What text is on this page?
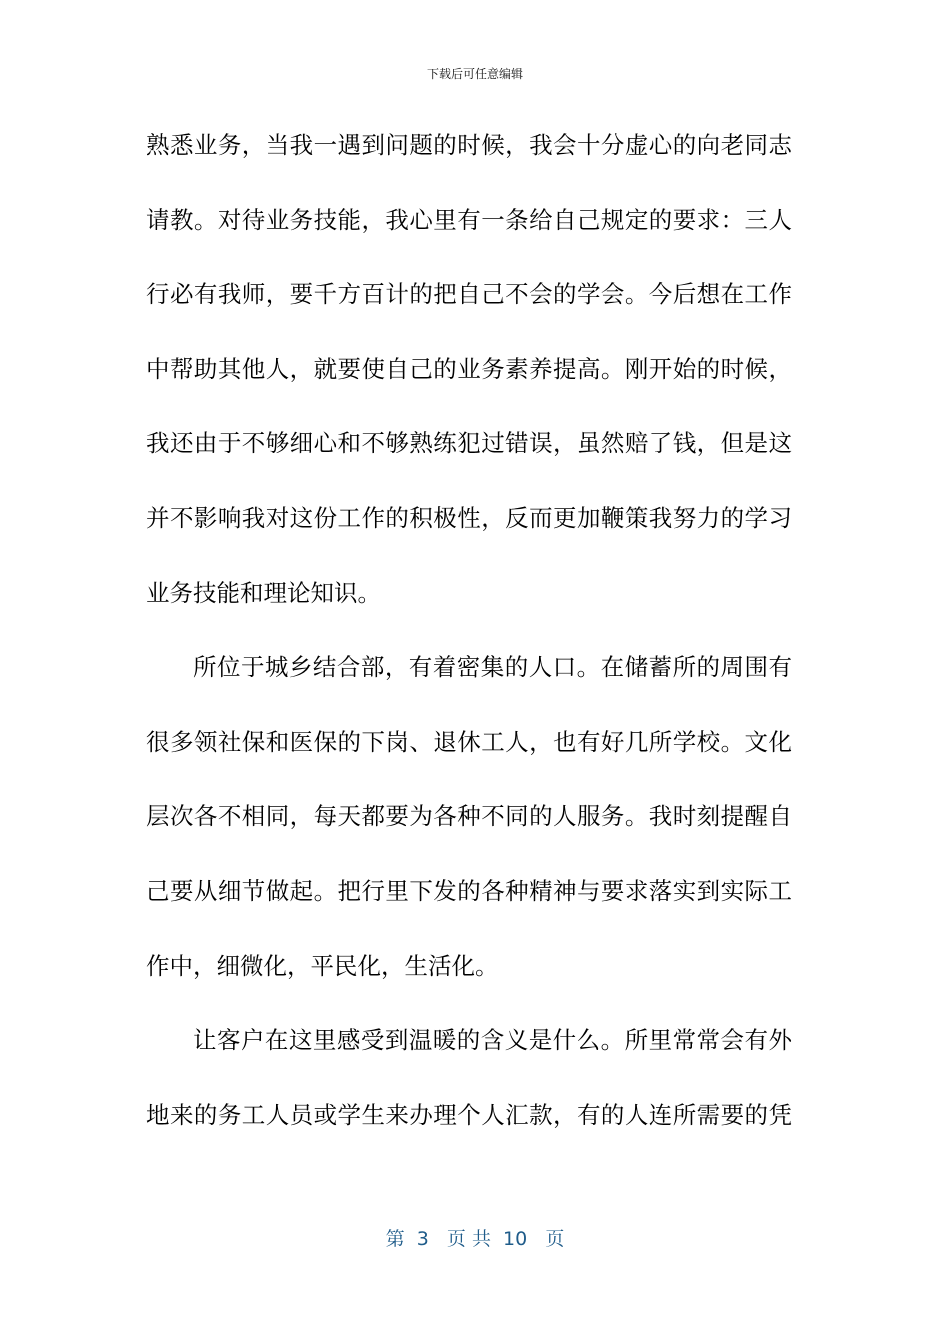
下载后可任意编辑
熟悉业务，当我一遇到问题的时候，我会十分虚心的向老同志
请教。对待业务技能，我心里有一条给自己规定的要求：三人
行必有我师，要千方百计的把自己不会的学会。今后想在工作
中帮助其他人，就要使自己的业务素养提高。刚开始的时候，
我还由于不够细心和不够熟练犯过错误，虽然赔了钱，但是这
并不影响我对这份工作的积极性，反而更加鞭策我努力的学习
业务技能和理论知识。
所位于城乡结合部，有着密集的人口。在储蓄所的周围有
很多领社保和医保的下岗、退休工人，也有好几所学校。文化
层次各不相同，每天都要为各种不同的人服务。我时刻提醒自
己要从细节做起。把行里下发的各种精神与要求落实到实际工
作中，细微化，平民化，生活化。
让客户在这里感受到温暖的含义是什么。所里常常会有外
地来的务工人员或学生来办理个人汇款，有的人连所需要的凭
第  3   页 共  10   页
